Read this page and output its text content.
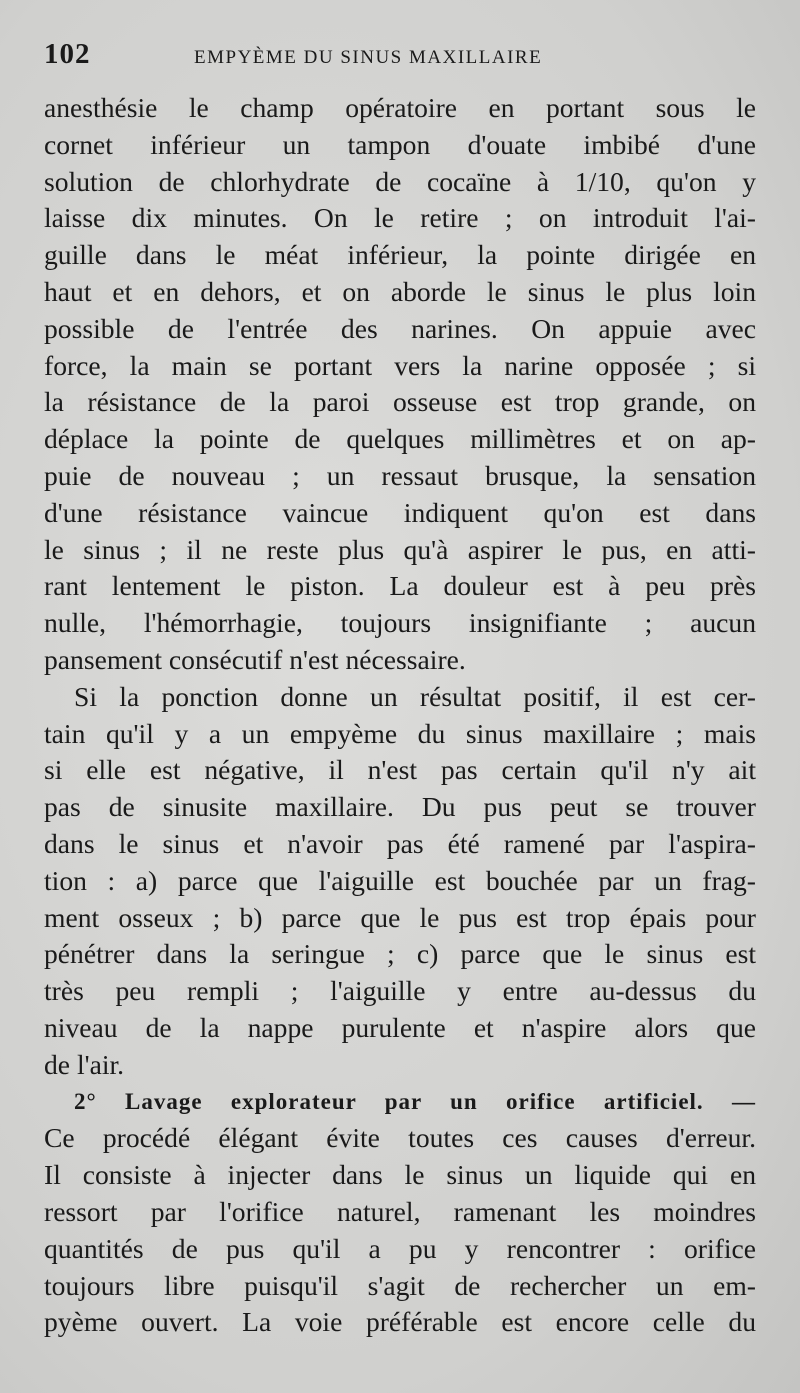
102	EMPYÈME DU SINUS MAXILLAIRE
anesthésie le champ opératoire en portant sous le
cornet inférieur un tampon d'ouate imbibé d'une
solution de chlorhydrate de cocaïne à 1/10, qu'on y
laisse dix minutes. On le retire ; on introduit l'ai-
guille dans le méat inférieur, la pointe dirigée en
haut et en dehors, et on aborde le sinus le plus loin
possible de l'entrée des narines. On appuie avec
force, la main se portant vers la narine opposée ; si
la résistance de la paroi osseuse est trop grande, on
déplace la pointe de quelques millimètres et on ap-
puie de nouveau ; un ressaut brusque, la sensation
d'une résistance vaincue indiquent qu'on est dans
le sinus ; il ne reste plus qu'à aspirer le pus, en atti-
rant lentement le piston. La douleur est à peu près
nulle, l'hémorrhagie, toujours insignifiante ; aucun
pansement consécutif n'est nécessaire.
Si la ponction donne un résultat positif, il est cer-
tain qu'il y a un empyème du sinus maxillaire ; mais
si elle est négative, il n'est pas certain qu'il n'y ait
pas de sinusite maxillaire. Du pus peut se trouver
dans le sinus et n'avoir pas été ramené par l'aspira-
tion : a) parce que l'aiguille est bouchée par un frag-
ment osseux ; b) parce que le pus est trop épais pour
pénétrer dans la seringue ; c) parce que le sinus est
très peu rempli ; l'aiguille y entre au-dessus du
niveau de la nappe purulente et n'aspire alors que
de l'air.
2° Lavage explorateur par un orifice artificiel. —
Ce procédé élégant évite toutes ces causes d'erreur.
Il consiste à injecter dans le sinus un liquide qui en
ressort par l'orifice naturel, ramenant les moindres
quantités de pus qu'il a pu y rencontrer : orifice
toujours libre puisqu'il s'agit de rechercher un em-
pyème ouvert. La voie préférable est encore celle du
